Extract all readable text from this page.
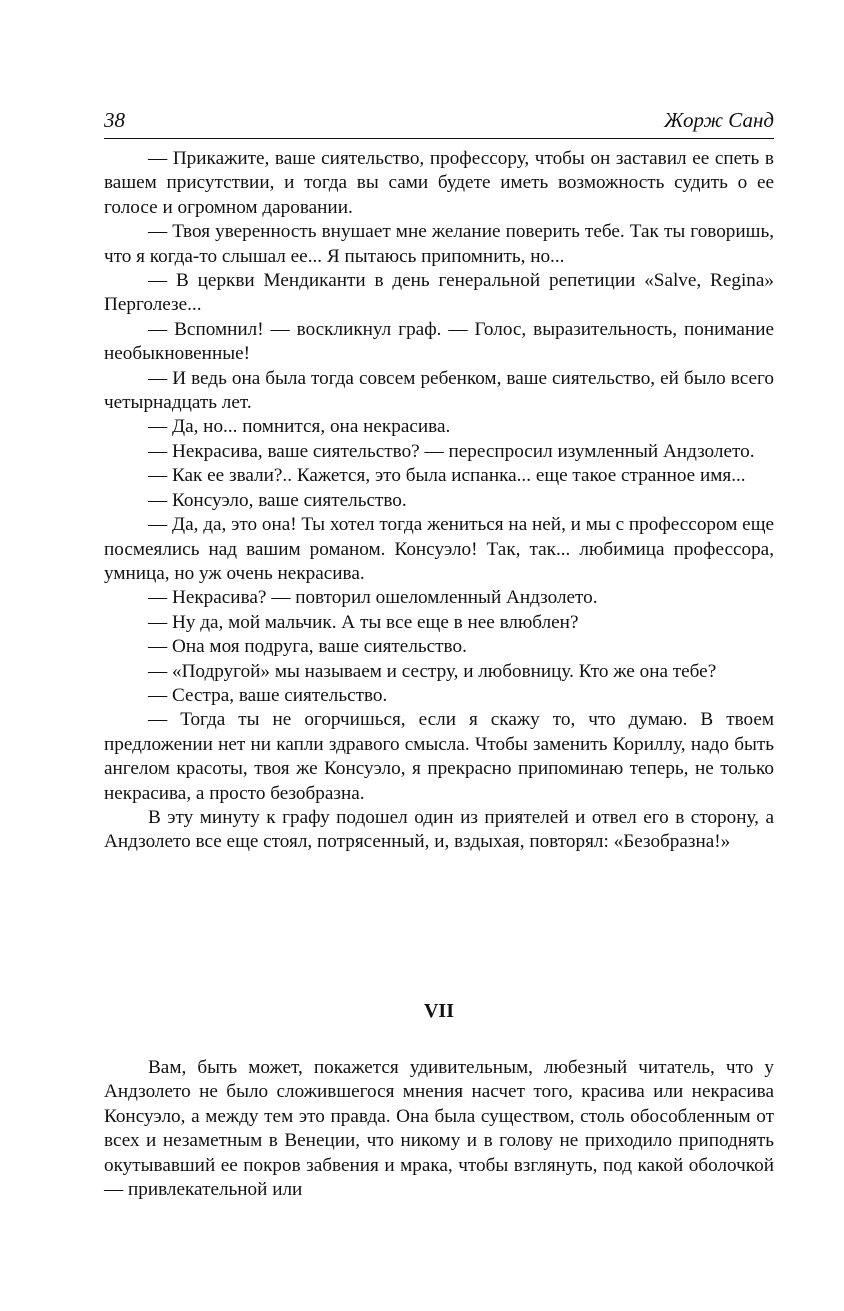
38	Жорж Санд

— Прикажите, ваше сиятельство, профессору, чтобы он заставил ее спеть в вашем присутствии, и тогда вы сами будете иметь возможность судить о ее голосе и огромном даровании.

— Твоя уверенность внушает мне желание поверить тебе. Так ты говоришь, что я когда-то слышал ее... Я пытаюсь припомнить, но...

— В церкви Мендиканти в день генеральной репетиции «Salve, Regina» Перголезе...

— Вспомнил! — воскликнул граф. — Голос, выразительность, понимание необыкновенные!

— И ведь она была тогда совсем ребенком, ваше сиятельство, ей было всего четырнадцать лет.

— Да, но... помнится, она некрасива.

— Некрасива, ваше сиятельство? — переспросил изумленный Андзолето.

— Как ее звали?.. Кажется, это была испанка... еще такое странное имя...

— Консуэло, ваше сиятельство.

— Да, да, это она! Ты хотел тогда жениться на ней, и мы с профессором еще посмеялись над вашим романом. Консуэло! Так, так... любимица профессора, умница, но уж очень некрасива.

— Некрасива? — повторил ошеломленный Андзолето.

— Ну да, мой мальчик. А ты все еще в нее влюблен?

— Она моя подруга, ваше сиятельство.

— «Подругой» мы называем и сестру, и любовницу. Кто же она тебе?

— Сестра, ваше сиятельство.

— Тогда ты не огорчишься, если я скажу то, что думаю. В твоем предложении нет ни капли здравого смысла. Чтобы заменить Кориллу, надо быть ангелом красоты, твоя же Консуэло, я прекрасно припоминаю теперь, не только некрасива, а просто безобразна.

В эту минуту к графу подошел один из приятелей и отвел его в сторону, а Андзолето все еще стоял, потрясенный, и, вздыхая, повторял: «Безобразна!»

VII

Вам, быть может, покажется удивительным, любезный читатель, что у Андзолето не было сложившегося мнения насчет того, красива или некрасива Консуэло, а между тем это правда. Она была существом, столь обособленным от всех и незаметным в Венеции, что никому и в голову не приходило приподнять окутывавший ее покров забвения и мрака, чтобы взглянуть, под какой оболочкой — привлекательной или
